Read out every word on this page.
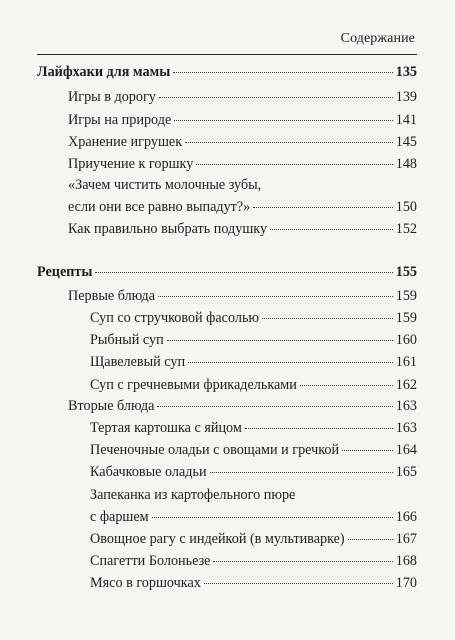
Содержание
Лайфхаки для мамы	135
Игры в дорогу	139
Игры на природе	141
Хранение игрушек	145
Приучение к горшку	148
«Зачем чистить молочные зубы,
если они все равно выпадут?»	150
Как правильно выбрать подушку	152
Рецепты	155
Первые блюда	159
Суп со стручковой фасолью	159
Рыбный суп	160
Щавелевый суп	161
Суп с гречневыми фрикадельками	162
Вторые блюда	163
Тертая картошка с яйцом	163
Печеночные оладьи с овощами и гречкой	164
Кабачковые оладьи	165
Запеканка из картофельного пюре
с фаршем	166
Овощное рагу с индейкой (в мультиварке)	167
Спагетти Болоньезе	168
Мясо в горшочках	170
